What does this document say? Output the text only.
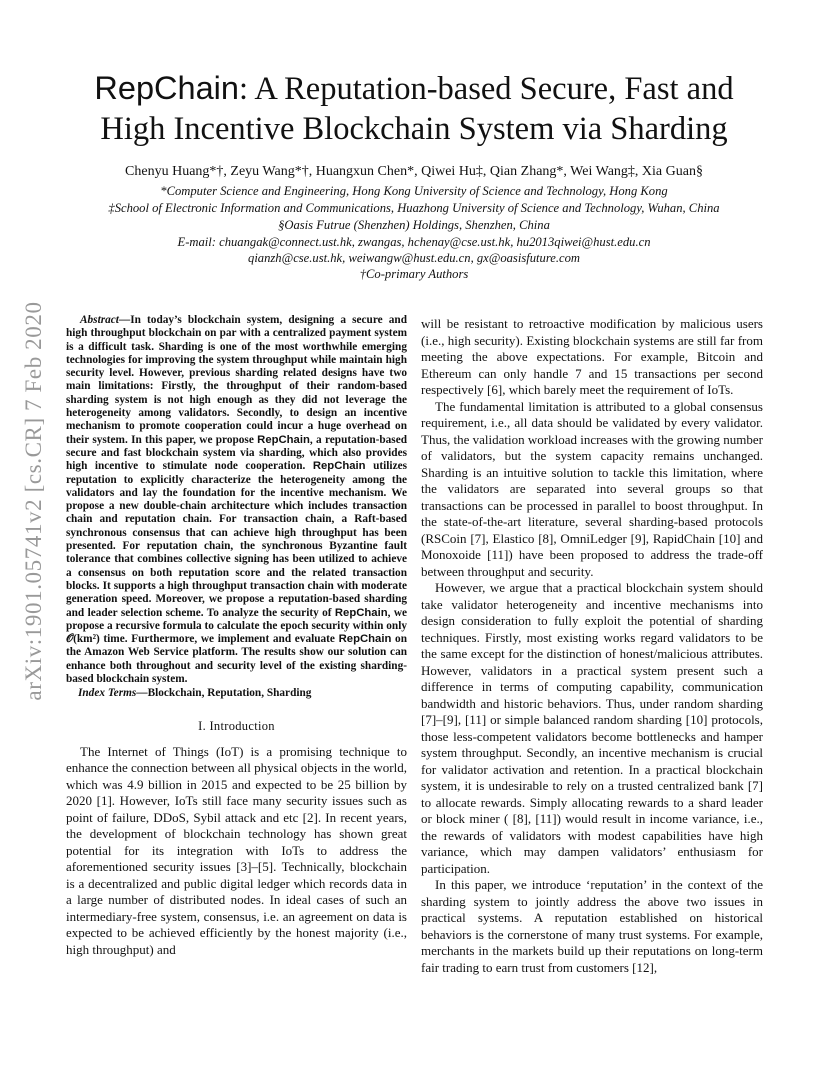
arXiv:1901.05741v2 [cs.CR] 7 Feb 2020
RepChain: A Reputation-based Secure, Fast and
High Incentive Blockchain System via Sharding
Chenyu Huang*†, Zeyu Wang*†, Huangxun Chen*, Qiwei Hu‡, Qian Zhang*, Wei Wang‡, Xia Guan§
*Computer Science and Engineering, Hong Kong University of Science and Technology, Hong Kong
‡School of Electronic Information and Communications, Huazhong University of Science and Technology, Wuhan, China
§Oasis Futrue (Shenzhen) Holdings, Shenzhen, China
E-mail: chuangak@connect.ust.hk, zwangas, hchenay@cse.ust.hk, hu2013qiwei@hust.edu.cn
qianzh@cse.ust.hk, weiwangw@hust.edu.cn, gx@oasisfuture.com
†Co-primary Authors

Abstract—In today’s blockchain system, designing a secure and high throughput blockchain on par with a centralized payment system is a difficult task. Sharding is one of the most worthwhile emerging technologies for improving the system throughput while maintain high security level. However, previous sharding related designs have two main limitations: Firstly, the throughput of their random-based sharding system is not high enough as they did not leverage the heterogeneity among validators. Secondly, to design an incentive mechanism to promote cooperation could incur a huge overhead on their system. In this paper, we propose RepChain, a reputation-based secure and fast blockchain system via sharding, which also provides high incentive to stimulate node cooperation. RepChain utilizes reputation to explicitly characterize the heterogeneity among the validators and lay the foundation for the incentive mechanism. We propose a new double-chain architecture which includes transaction chain and reputation chain. For transaction chain, a Raft-based synchronous consensus that can achieve high throughput has been presented. For reputation chain, the synchronous Byzantine fault tolerance that combines collective signing has been utilized to achieve a consensus on both reputation score and the related transaction blocks. It supports a high throughput transaction chain with moderate generation speed. Moreover, we propose a reputation-based sharding and leader selection scheme. To analyze the security of RepChain, we propose a recursive formula to calculate the epoch security within only 𝒪(km²) time. Furthermore, we implement and evaluate RepChain on the Amazon Web Service platform. The results show our solution can enhance both throughout and security level of the existing sharding-based blockchain system.

Index Terms—Blockchain, Reputation, Sharding

I. Introduction

The Internet of Things (IoT) is a promising technique to enhance the connection between all physical objects in the world, which was 4.9 billion in 2015 and expected to be 25 billion by 2020 [1]. However, IoTs still face many security issues such as point of failure, DDoS, Sybil attack and etc [2]. In recent years, the development of blockchain technology has shown great potential for its integration with IoTs to address the aforementioned security issues [3]–[5]. Technically, blockchain is a decentralized and public digital ledger which records data in a large number of distributed nodes. In ideal cases of such an intermediary-free system, consensus, i.e. an agreement on data is expected to be achieved efficiently by the honest majority (i.e., high throughput) and

will be resistant to retroactive modification by malicious users (i.e., high security). Existing blockchain systems are still far from meeting the above expectations. For example, Bitcoin and Ethereum can only handle 7 and 15 transactions per second respectively [6], which barely meet the requirement of IoTs.

The fundamental limitation is attributed to a global consensus requirement, i.e., all data should be validated by every validator. Thus, the validation workload increases with the growing number of validators, but the system capacity remains unchanged. Sharding is an intuitive solution to tackle this limitation, where the validators are separated into several groups so that transactions can be processed in parallel to boost throughput. In the state-of-the-art literature, several sharding-based protocols (RSCoin [7], Elastico [8], OmniLedger [9], RapidChain [10] and Monoxoide [11]) have been proposed to address the trade-off between throughput and security.

However, we argue that a practical blockchain system should take validator heterogeneity and incentive mechanisms into design consideration to fully exploit the potential of sharding techniques. Firstly, most existing works regard validators to be the same except for the distinction of honest/malicious attributes. However, validators in a practical system present such a difference in terms of computing capability, communication bandwidth and historic behaviors. Thus, under random sharding [7]–[9], [11] or simple balanced random sharding [10] protocols, those less-competent validators become bottlenecks and hamper system throughput. Secondly, an incentive mechanism is crucial for validator activation and retention. In a practical blockchain system, it is undesirable to rely on a trusted centralized bank [7] to allocate rewards. Simply allocating rewards to a shard leader or block miner ( [8], [11]) would result in income variance, i.e., the rewards of validators with modest capabilities have high variance, which may dampen validators’ enthusiasm for participation.

In this paper, we introduce ‘reputation’ in the context of the sharding system to jointly address the above two issues in practical systems. A reputation established on historical behaviors is the cornerstone of many trust systems. For example, merchants in the markets build up their reputations on long-term fair trading to earn trust from customers [12],
